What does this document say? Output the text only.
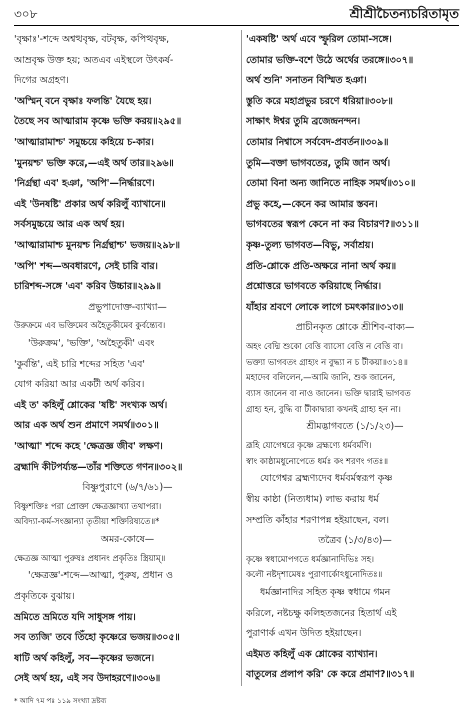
৩০৮	শ্রীশ্রীচৈতন্যচরিতামৃত
'বৃক্ষাঃ'-শব্দে অশ্বত্থবৃক্ষ, বটবৃক্ষ, কপিত্থবৃক্ষ,
আম্রবৃক্ষ উক্ত হয়; অতএব এইস্থলে উৎকর্ষ-
দিগের অগ্রহণ।
'অস্মিন্ বনে বৃক্ষাঃ ফলন্তি' যৈছে হয়।
তৈছে সব আত্মারাম কৃষ্ণে ভক্তি করয়॥২৯৫॥
'আত্মারামাশ্চ' সমুচ্চয়ে কহিয়ে চ-কার।
'মুনয়শ্চ' ভক্তি করে,—এই অর্থ তার॥২৯৬॥
'নির্গ্রন্থা এব' হঞা, 'অপি'—নির্দ্ধারণে।
এই 'উনষষ্টি' প্রকার অর্থ করিলুঁ ব্যাখানে॥
সর্বসমুচ্চয়ে আর এক অর্থ হয়।
'আত্মারামাশ্চ মুনয়শ্চ নির্গ্রন্থাশ্চ' ভজয়॥২৯৮॥
'অপি' শব্দ—অবধারণে, সেই চারি বার।
চারিশব্দ-সঙ্গে 'এব' করিব উচ্চার॥২৯৯॥
প্রভুপাদোক্ত-ব্যাখ্যা—
উরুক্রমে এব ভক্তিমেব অহৈতুকীমেব কুর্বন্ত্যেব।
'উরুক্রম', 'ভক্তি', 'অহৈতুকী' এবং
'কুর্বন্তি', এই চারি শব্দের সহিত 'এব'
যোগ করিয়া আর একটী অর্থ করিব।
এই ত' কহিলুঁ শ্লোকের 'ষষ্টি' সংখ্যক অর্থ।
আর এক অর্থ শুন প্রমাণে সমর্থ॥৩০১॥
'আত্মা' শব্দে কহে 'ক্ষেত্রজ্ঞ জীব' লক্ষণ।
ব্রহ্মাদি কীটপর্য্যন্ত—তাঁর শক্তিতে গণন॥৩০২॥
বিষ্ণুপুরাণে (৬/৭/৬১)—
বিষ্ণুশক্তিঃ পরা প্রোক্তা ক্ষেত্রজ্ঞাখ্যা তথাপরা।
অবিদ্যা-কর্ম-সংজ্ঞান্যা তৃতীয়া শক্তিরিষ্যতে॥*
অমর-কোষে—
ক্ষেত্রজ্ঞ আত্মা পুরুষঃ প্রধানং প্রকৃতিঃ স্ত্রিয়াম্॥
'ক্ষেত্রজ্ঞ'-শব্দে—আত্মা, পুরুষ, প্রধান ও
প্রকৃতিকে বুঝায়।
ভ্রমিতে ভ্রমিতে যদি সাধুসঙ্গ পায়।
সব ত্যজি' তবে তিঁহো কৃষ্ণেরে ভজয়॥৩০৫॥
ষাটি অর্থ কহিলুঁ, সব—কৃষ্ণের ভজনে।
সেই অর্থ হয়, এই সব উদাহরণে॥৩০৬॥
'একষষ্টি' অর্থ এবে স্ফুরিল তোমা-সঙ্গে।
তোমার ভক্তি-বশে উঠে অর্থের তরঙ্গে॥৩০৭॥
অর্থ শুনি' সনাতন বিস্মিত হঞা।
স্তুতি করে মহাপ্রভুর চরণে ধরিয়া॥৩০৮॥
সাক্ষাৎ ঈশ্বর তুমি ব্রজেন্দ্রনন্দন।
তোমার নিশ্বাসে সর্ববেদ-প্রবর্তন॥৩০৯॥
তুমি—বক্তা ভাগবতের, তুমি জান অর্থ।
তোমা বিনা অন্য জানিতে নাহিক সমর্থ॥৩১০॥
প্রভু কহে,—কেনে কর আমার স্তবন।
ভাগবতের স্বরূপ কেনে না কর বিচারণ?॥৩১১॥
কৃষ্ণ-তুল্য ভাগবত—বিভু, সর্বাশ্রয়।
প্রতি-শ্লোকে প্রতি-অক্ষরে নানা অর্থ কয়॥
প্রশ্নোত্তরে ভাগবতে করিয়াছে নির্দ্ধার।
যাঁহার শ্রবণে লোকে লাগে চমৎকার॥৩১৩॥
প্রাচীনকৃত শ্লোকে শ্রীশিব-বাক্য—
অহং বেদ্মি শুকো বেত্তি ব্যাসো বেত্তি ন বেত্তি বা।
ভক্ত্যা ভাগবতং গ্রাহ্যং ন বুদ্ধ্যা ন চ টীকয়া॥৩১৪॥
মহাদেব বলিলেন,—আমি জানি, শুক জানেন,
ব্যাস জানেন বা নাও জানেন। ভক্তি দ্বারাই ভাগবত
গ্রাহ্য হন, বুদ্ধি বা টীকাদ্বারা কখনই গ্রাহ্য হন না।
শ্রীমদ্ভাগবতে (১/১/২৩)—
ব্রূহি যোগেশ্বরে কৃষ্ণে ব্রহ্মণ্যে ধর্মবর্মণি।
স্বাং কাষ্ঠামধুনোপেতে ধর্মঃ কং শরণং গতঃ॥
যোগেশ্বর ব্রহ্মণ্যদেব ধর্মবর্মস্বরূপ কৃষ্ণ
স্বীয় কাষ্ঠা (নিত্যধাম) লাভ করায় ধর্ম
সম্প্রতি কাঁহার শরণাপন্ন হইয়াছেন, বল।
তত্রৈব (১/৩/৪৩)—
কৃষ্ণে স্বধামোপগতে ধর্মজ্ঞানাদিভিঃ সহ।
কলৌ নষ্টদৃশামেষঃ পুরাণার্কোঽধুনোদিতঃ॥
ধর্মজ্ঞানাদির সহিত কৃষ্ণ স্বধামে গমন
করিলে, নষ্টচক্ষু কলিহতজনের হিতার্থ এই
পুরাণার্ক এখন উদিত হইয়াছেন।
এইমত কহিলুঁ এক শ্লোকের ব্যাখ্যান।
বাতুলের প্রলাপ করি' কে করে প্রমাণ?॥৩১৭॥
* আদি ৭ম পঃ ১১৯ সংখ্যা দ্রষ্টব্য
